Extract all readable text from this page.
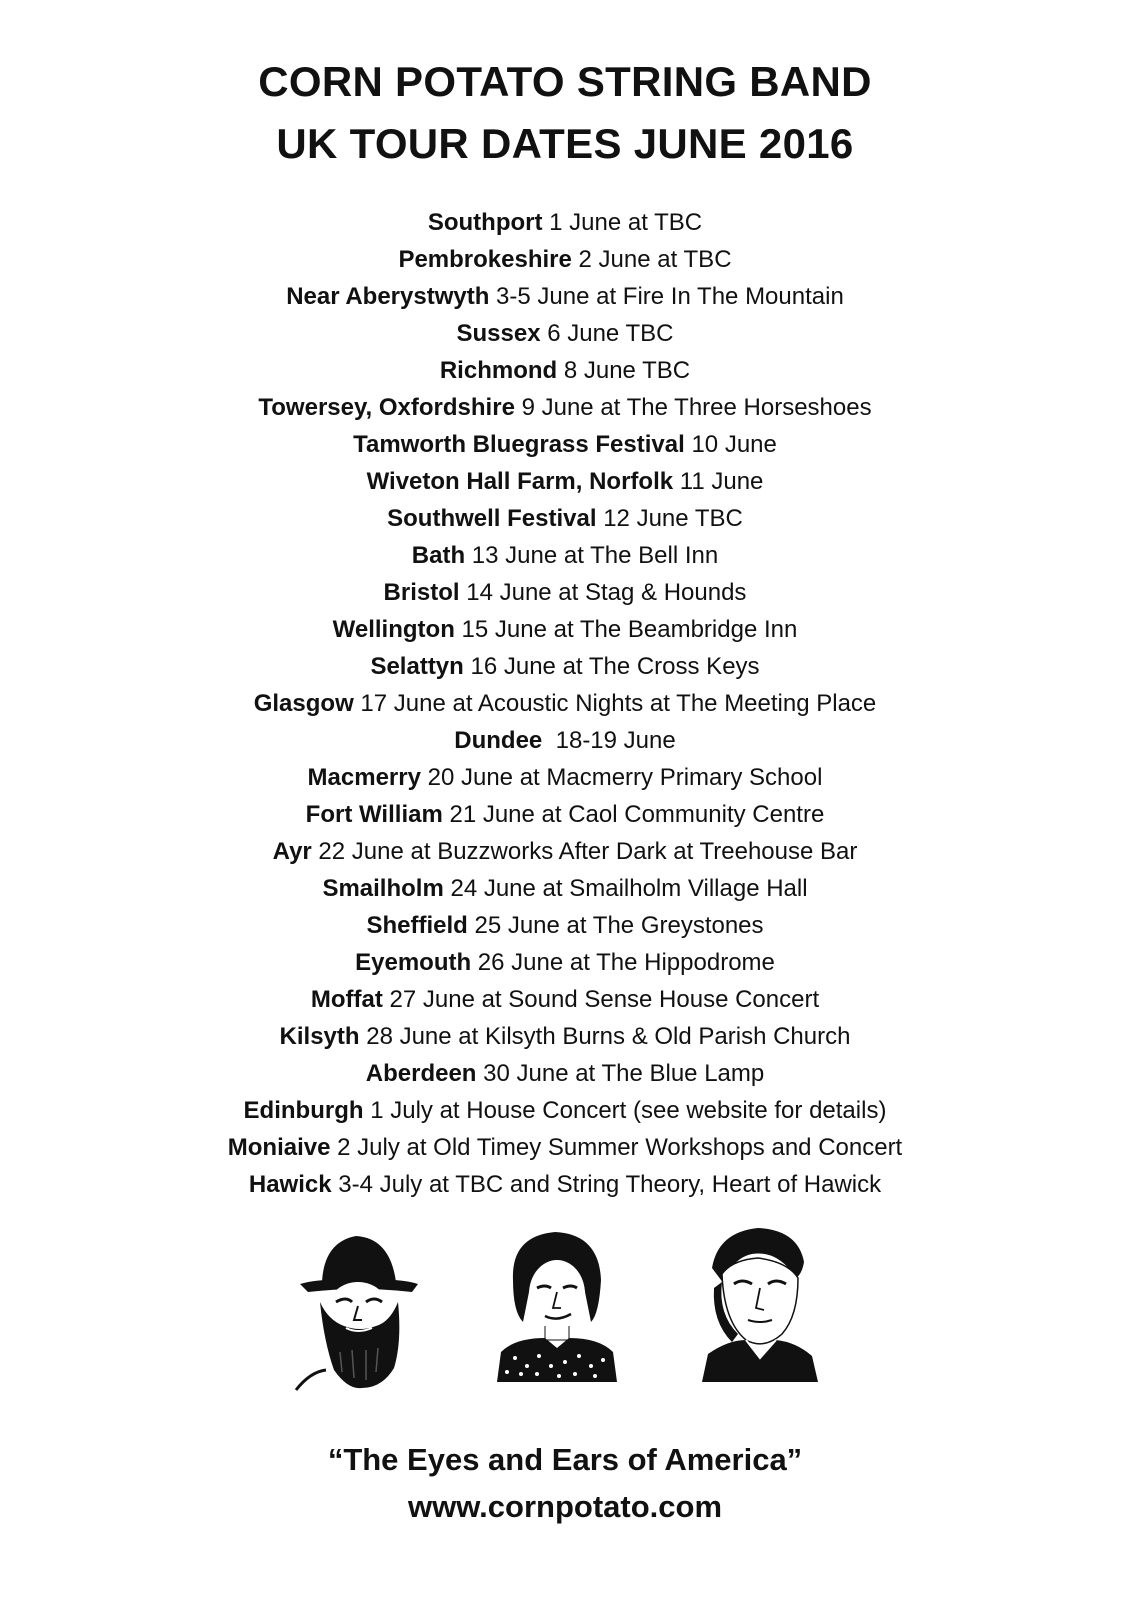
CORN POTATO STRING BAND
UK TOUR DATES JUNE 2016
Southport 1 June at TBC
Pembrokeshire 2 June at TBC
Near Aberystwyth 3-5 June at Fire In The Mountain
Sussex 6 June TBC
Richmond 8 June TBC
Towersey, Oxfordshire 9 June at The Three Horseshoes
Tamworth Bluegrass Festival 10 June
Wiveton Hall Farm, Norfolk 11 June
Southwell Festival 12 June TBC
Bath 13 June at The Bell Inn
Bristol 14 June at Stag & Hounds
Wellington 15 June at The Beambridge Inn
Selattyn 16 June at The Cross Keys
Glasgow 17 June at Acoustic Nights at The Meeting Place
Dundee  18-19 June
Macmerry 20 June at Macmerry Primary School
Fort William 21 June at Caol Community Centre
Ayr 22 June at Buzzworks After Dark at Treehouse Bar
Smailholm 24 June at Smailholm Village Hall
Sheffield 25 June at The Greystones
Eyemouth 26 June at The Hippodrome
Moffat 27 June at Sound Sense House Concert
Kilsyth 28 June at Kilsyth Burns & Old Parish Church
Aberdeen 30 June at The Blue Lamp
Edinburgh 1 July at House Concert (see website for details)
Moniaive 2 July at Old Timey Summer Workshops and Concert
Hawick 3-4 July at TBC and String Theory, Heart of Hawick

“The Eyes and Ears of America”

www.cornpotato.com
